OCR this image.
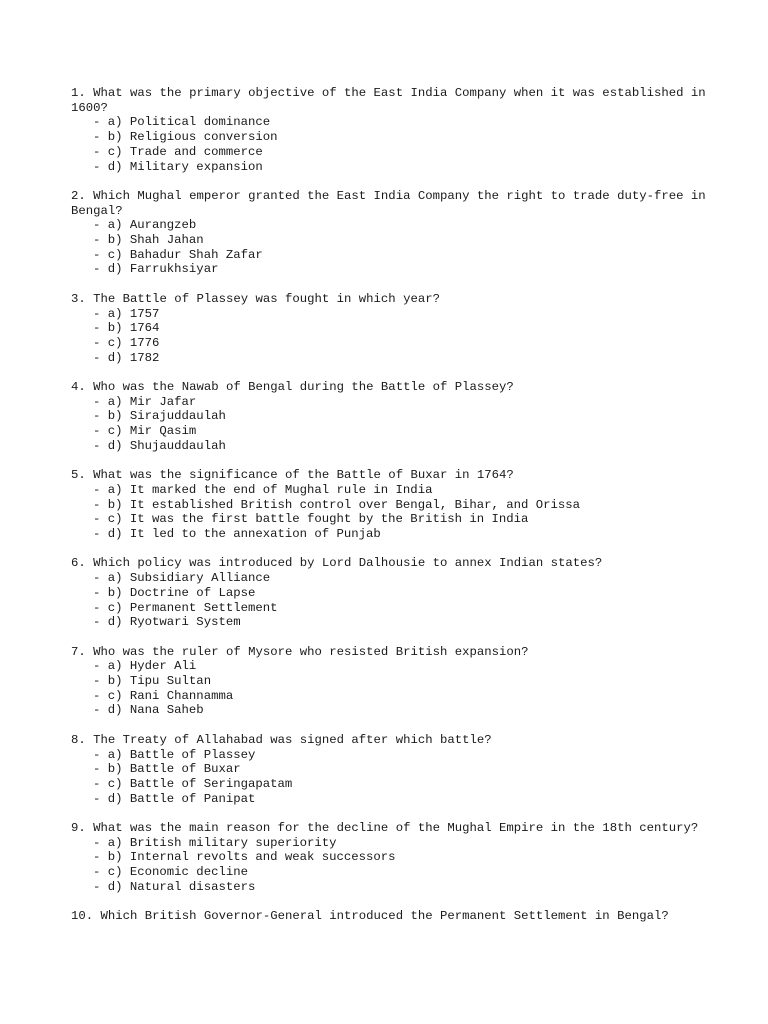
1. What was the primary objective of the East India Company when it was established in 1600?
- a) Political dominance
- b) Religious conversion
- c) Trade and commerce
- d) Military expansion
2. Which Mughal emperor granted the East India Company the right to trade duty-free in Bengal?
- a) Aurangzeb
- b) Shah Jahan
- c) Bahadur Shah Zafar
- d) Farrukhsiyar
3. The Battle of Plassey was fought in which year?
- a) 1757
- b) 1764
- c) 1776
- d) 1782
4. Who was the Nawab of Bengal during the Battle of Plassey?
- a) Mir Jafar
- b) Sirajuddaulah
- c) Mir Qasim
- d) Shujauddaulah
5. What was the significance of the Battle of Buxar in 1764?
- a) It marked the end of Mughal rule in India
- b) It established British control over Bengal, Bihar, and Orissa
- c) It was the first battle fought by the British in India
- d) It led to the annexation of Punjab
6. Which policy was introduced by Lord Dalhousie to annex Indian states?
- a) Subsidiary Alliance
- b) Doctrine of Lapse
- c) Permanent Settlement
- d) Ryotwari System
7. Who was the ruler of Mysore who resisted British expansion?
- a) Hyder Ali
- b) Tipu Sultan
- c) Rani Channamma
- d) Nana Saheb
8. The Treaty of Allahabad was signed after which battle?
- a) Battle of Plassey
- b) Battle of Buxar
- c) Battle of Seringapatam
- d) Battle of Panipat
9. What was the main reason for the decline of the Mughal Empire in the 18th century?
- a) British military superiority
- b) Internal revolts and weak successors
- c) Economic decline
- d) Natural disasters
10. Which British Governor-General introduced the Permanent Settlement in Bengal?
